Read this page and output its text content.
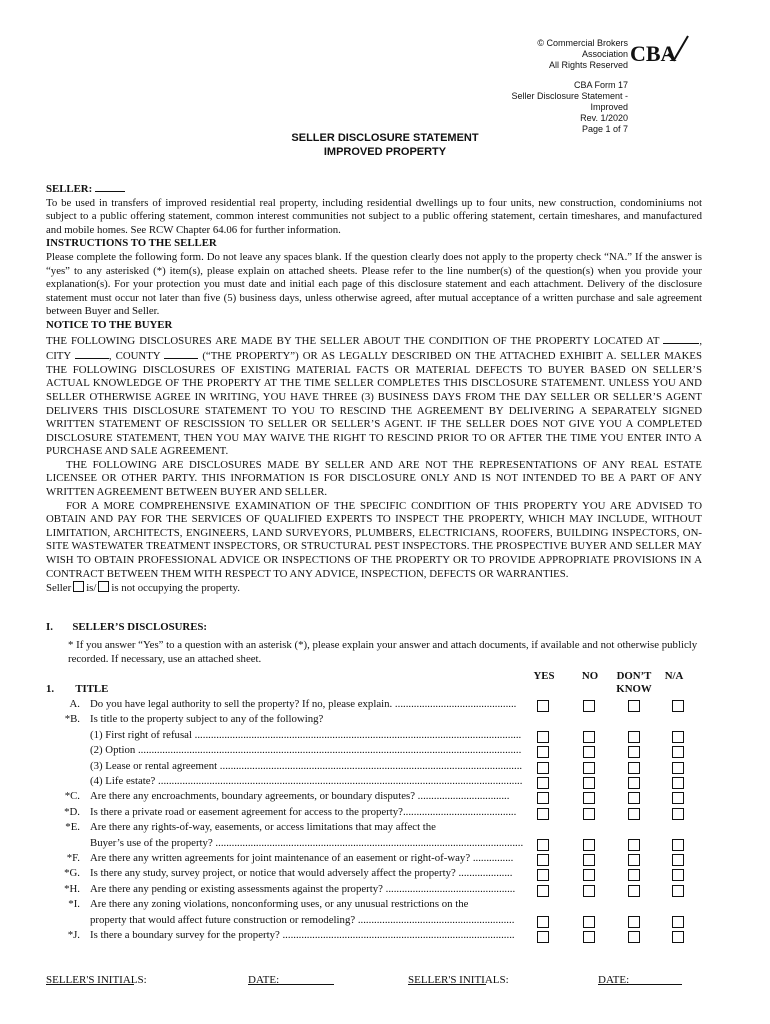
© Commercial Brokers
Association
All Rights Reserved
CBA Form 17
Seller Disclosure Statement -
Improved
Rev. 1/2020
Page 1 of 7
CBA
SELLER DISCLOSURE STATEMENT
IMPROVED PROPERTY

SELLER:

To be used in transfers of improved residential real property, including residential dwellings up to four units, new construction, condominiums not subject to a public offering statement, common interest communities not subject to a public offering statement, certain timeshares, and manufactured and mobile homes. See RCW Chapter 64.06 for further information.

INSTRUCTIONS TO THE SELLER

Please complete the following form. Do not leave any spaces blank. If the question clearly does not apply to the property check “NA.” If the answer is “yes” to any asterisked (*) item(s), please explain on attached sheets. Please refer to the line number(s) of the question(s) when you provide your explanation(s). For your protection you must date and initial each page of this disclosure statement and each attachment. Delivery of the disclosure statement must occur not later than five (5) business days, unless otherwise agreed, after mutual acceptance of a written purchase and sale agreement between Buyer and Seller.

NOTICE TO THE BUYER

THE FOLLOWING DISCLOSURES ARE MADE BY THE SELLER ABOUT THE CONDITION OF THE PROPERTY LOCATED AT	, CITY	, COUNTY	(“THE PROPERTY”) OR AS LEGALLY DESCRIBED ON THE ATTACHED EXHIBIT A. SELLER MAKES THE FOLLOWING DISCLOSURES OF EXISTING MATERIAL FACTS OR MATERIAL DEFECTS TO BUYER BASED ON SELLER’S ACTUAL KNOWLEDGE OF THE PROPERTY AT THE TIME SELLER COMPLETES THIS DISCLOSURE STATEMENT. UNLESS YOU AND SELLER OTHERWISE AGREE IN WRITING, YOU HAVE THREE (3) BUSINESS DAYS FROM THE DAY SELLER OR SELLER’S AGENT DELIVERS THIS DISCLOSURE STATEMENT TO YOU TO RESCIND THE AGREEMENT BY DELIVERING A SEPARATELY SIGNED WRITTEN STATEMENT OF RESCISSION TO SELLER OR SELLER’S AGENT. IF THE SELLER DOES NOT GIVE YOU A COMPLETED DISCLOSURE STATEMENT, THEN YOU MAY WAIVE THE RIGHT TO RESCIND PRIOR TO OR AFTER THE TIME YOU ENTER INTO A PURCHASE AND SALE AGREEMENT.

THE FOLLOWING ARE DISCLOSURES MADE BY SELLER AND ARE NOT THE REPRESENTATIONS OF ANY REAL ESTATE LICENSEE OR OTHER PARTY. THIS INFORMATION IS FOR DISCLOSURE ONLY AND IS NOT INTENDED TO BE A PART OF ANY WRITTEN AGREEMENT BETWEEN BUYER AND SELLER.

FOR A MORE COMPREHENSIVE EXAMINATION OF THE SPECIFIC CONDITION OF THIS PROPERTY YOU ARE ADVISED TO OBTAIN AND PAY FOR THE SERVICES OF QUALIFIED EXPERTS TO INSPECT THE PROPERTY, WHICH MAY INCLUDE, WITHOUT LIMITATION, ARCHITECTS, ENGINEERS, LAND SURVEYORS, PLUMBERS, ELECTRICIANS, ROOFERS, BUILDING INSPECTORS, ON-SITE WASTEWATER TREATMENT INSPECTORS, OR STRUCTURAL PEST INSPECTORS. THE PROSPECTIVE BUYER AND SELLER MAY WISH TO OBTAIN PROFESSIONAL ADVICE OR INSPECTIONS OF THE PROPERTY OR TO PROVIDE APPROPRIATE PROVISIONS IN A CONTRACT BETWEEN THEM WITH RESPECT TO ANY ADVICE, INSPECTION, DEFECTS OR WARRANTIES.

Seller is/ is not occupying the property.

I. SELLER’S DISCLOSURES:
* If you answer “Yes” to a question with an asterisk (*), please explain your answer and attach documents, if available and not otherwise publicly recorded. If necessary, use an attached sheet.
YES	NO	DON’T
KNOW
N/A
1. TITLE
A. Do you have legal authority to sell the property? If no, please explain. .............................................
*B. Is title to the property subject to any of the following?
(1) First right of refusal .........................................................................................................................
(2) Option ..............................................................................................................................................
(3) Lease or rental agreement ................................................................................................................
(4) Life estate? .......................................................................................................................................
*C. Are there any encroachments, boundary agreements, or boundary disputes? ..................................
*D. Is there a private road or easement agreement for access to the property?..........................................
*E. Are there any rights-of-way, easements, or access limitations that may affect the
Buyer’s use of the property? ..................................................................................................................
*F. Are there any written agreements for joint maintenance of an easement or right-of-way? ...............
*G. Is there any study, survey project, or notice that would adversely affect the property? ....................
*H. Are there any pending or existing assessments against the property? ................................................
*I. Are there any zoning violations, nonconforming uses, or any unusual restrictions on the
property that would affect future construction or remodeling? ..........................................................
*J. Is there a boundary survey for the property? ......................................................................................
SELLER'S INITIALS:	DATE:	SELLER'S INITIALS:	DATE:
